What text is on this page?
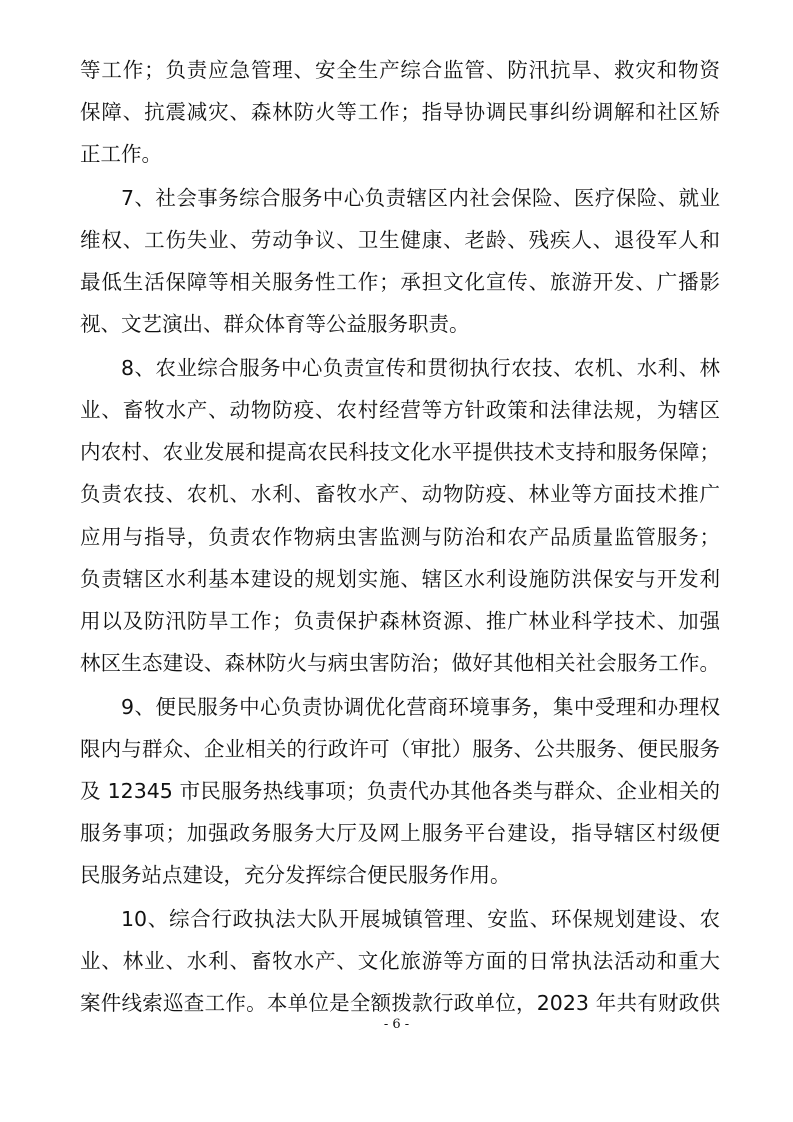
等工作；负责应急管理、安全生产综合监管、防汛抗旱、救灾和物资
保障、抗震减灾、森林防火等工作；指导协调民事纠纷调解和社区矫
正工作。
7、社会事务综合服务中心负责辖区内社会保险、医疗保险、就业
维权、工伤失业、劳动争议、卫生健康、老龄、残疾人、退役军人和
最低生活保障等相关服务性工作；承担文化宣传、旅游开发、广播影
视、文艺演出、群众体育等公益服务职责。
8、农业综合服务中心负责宣传和贯彻执行农技、农机、水利、林
业、畜牧水产、动物防疫、农村经营等方针政策和法律法规，为辖区
内农村、农业发展和提高农民科技文化水平提供技术支持和服务保障；
负责农技、农机、水利、畜牧水产、动物防疫、林业等方面技术推广
应用与指导，负责农作物病虫害监测与防治和农产品质量监管服务；
负责辖区水利基本建设的规划实施、辖区水利设施防洪保安与开发利
用以及防汛防旱工作；负责保护森林资源、推广林业科学技术、加强
林区生态建设、森林防火与病虫害防治；做好其他相关社会服务工作。
9、便民服务中心负责协调优化营商环境事务，集中受理和办理权
限内与群众、企业相关的行政许可（审批）服务、公共服务、便民服务
及 12345 市民服务热线事项；负责代办其他各类与群众、企业相关的
服务事项；加强政务服务大厅及网上服务平台建设，指导辖区村级便
民服务站点建设，充分发挥综合便民服务作用。
10、综合行政执法大队开展城镇管理、安监、环保规划建设、农
业、林业、水利、畜牧水产、文化旅游等方面的日常执法活动和重大
案件线索巡查工作。本单位是全额拨款行政单位，2023 年共有财政供
- 6 -
